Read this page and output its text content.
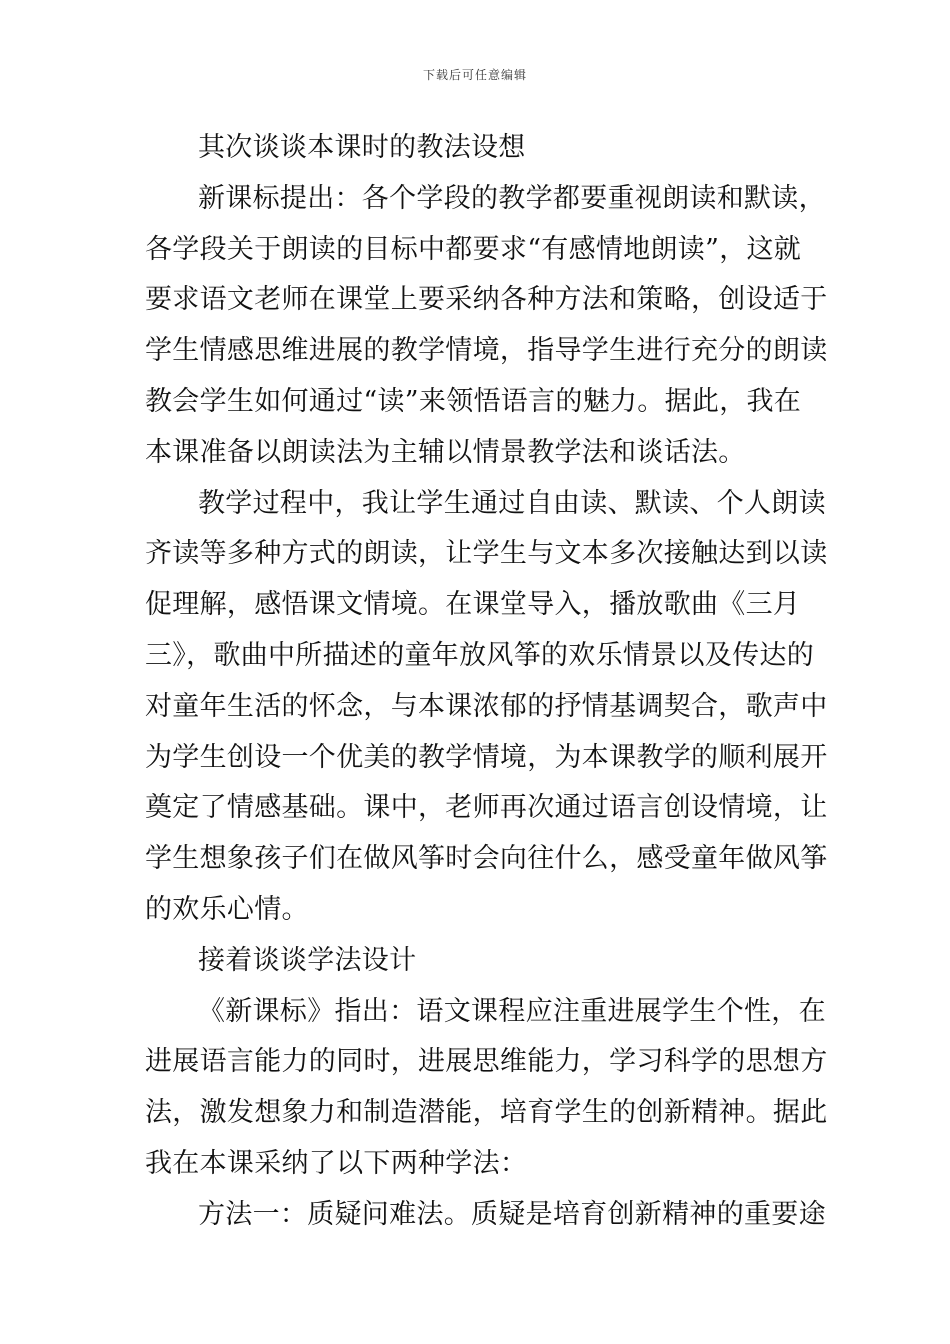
下载后可任意编辑
其次谈谈本课时的教法设想
新课标提出：各个学段的教学都要重视朗读和默读，
各学段关于朗读的目标中都要求“有感情地朗读”，这就
要求语文老师在课堂上要采纳各种方法和策略，创设适于
学生情感思维进展的教学情境，指导学生进行充分的朗读
教会学生如何通过“读”来领悟语言的魅力。据此，我在
本课准备以朗读法为主辅以情景教学法和谈话法。
教学过程中，我让学生通过自由读、默读、个人朗读
齐读等多种方式的朗读，让学生与文本多次接触达到以读
促理解，感悟课文情境。在课堂导入，播放歌曲《三月
三》，歌曲中所描述的童年放风筝的欢乐情景以及传达的
对童年生活的怀念，与本课浓郁的抒情基调契合，歌声中
为学生创设一个优美的教学情境，为本课教学的顺利展开
奠定了情感基础。课中，老师再次通过语言创设情境，让
学生想象孩子们在做风筝时会向往什么，感受童年做风筝
的欢乐心情。
接着谈谈学法设计
《新课标》指出：语文课程应注重进展学生个性，在
进展语言能力的同时，进展思维能力，学习科学的思想方
法，激发想象力和制造潜能，培育学生的创新精神。据此
我在本课采纳了以下两种学法：
方法一：质疑问难法。质疑是培育创新精神的重要途
